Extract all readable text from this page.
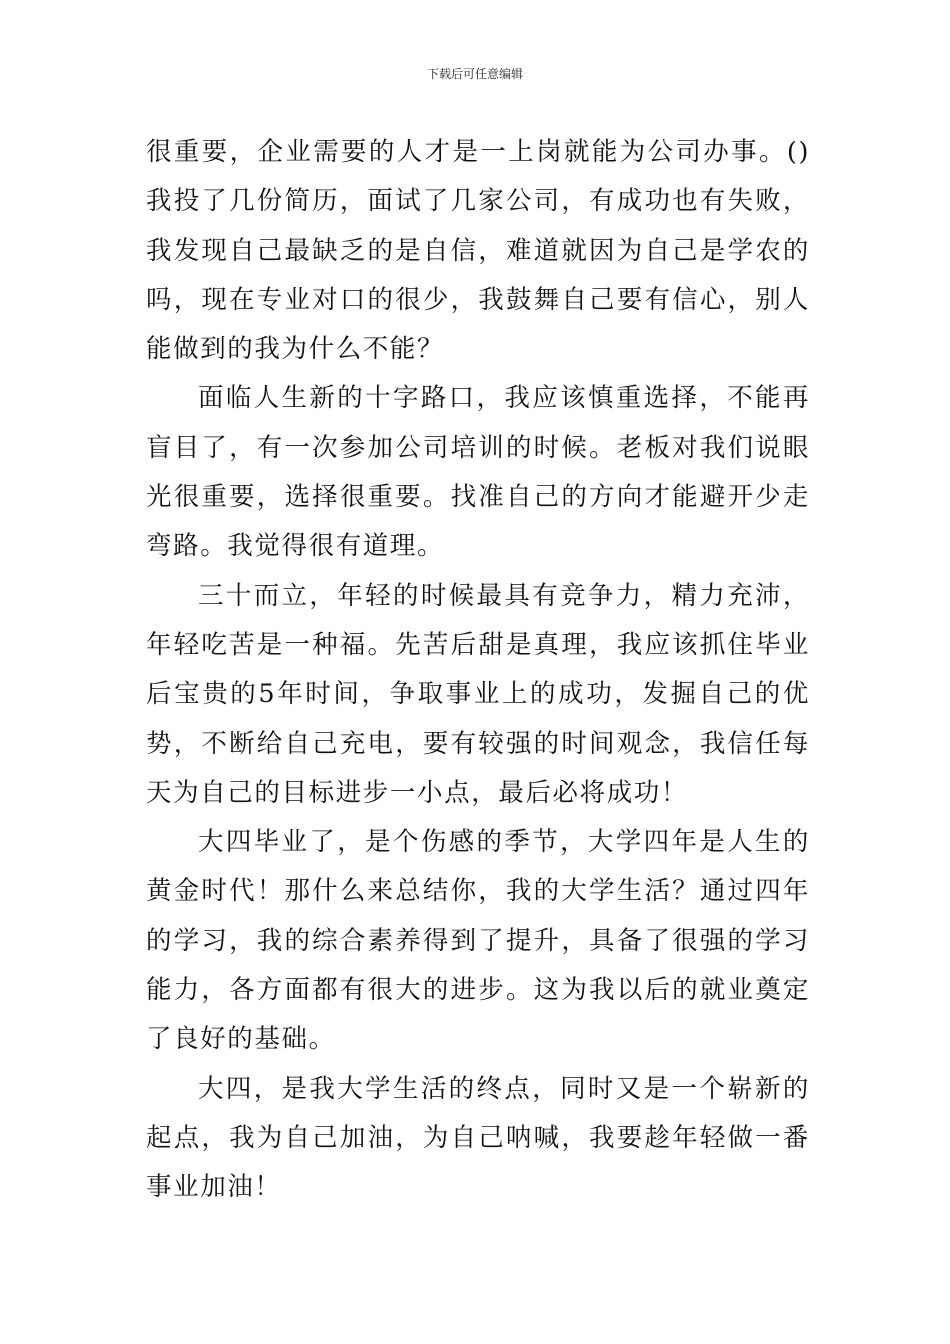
下载后可任意编辑

很重要，企业需要的人才是一上岗就能为公司办事。()我投了几份简历，面试了几家公司，有成功也有失败，我发现自己最缺乏的是自信，难道就因为自己是学农的吗，现在专业对口的很少，我鼓舞自己要有信心，别人能做到的我为什么不能？

面临人生新的十字路口，我应该慎重选择，不能再盲目了，有一次参加公司培训的时候。老板对我们说眼光很重要，选择很重要。找准自己的方向才能避开少走弯路。我觉得很有道理。

三十而立，年轻的时候最具有竞争力，精力充沛，年轻吃苦是一种福。先苦后甜是真理，我应该抓住毕业后宝贵的5年时间，争取事业上的成功，发掘自己的优势，不断给自己充电，要有较强的时间观念，我信任每天为自己的目标进步一小点，最后必将成功！

大四毕业了，是个伤感的季节，大学四年是人生的黄金时代！那什么来总结你，我的大学生活？通过四年的学习，我的综合素养得到了提升，具备了很强的学习能力，各方面都有很大的进步。这为我以后的就业奠定了良好的基础。

大四，是我大学生活的终点，同时又是一个崭新的起点，我为自己加油，为自己呐喊，我要趁年轻做一番事业加油！
